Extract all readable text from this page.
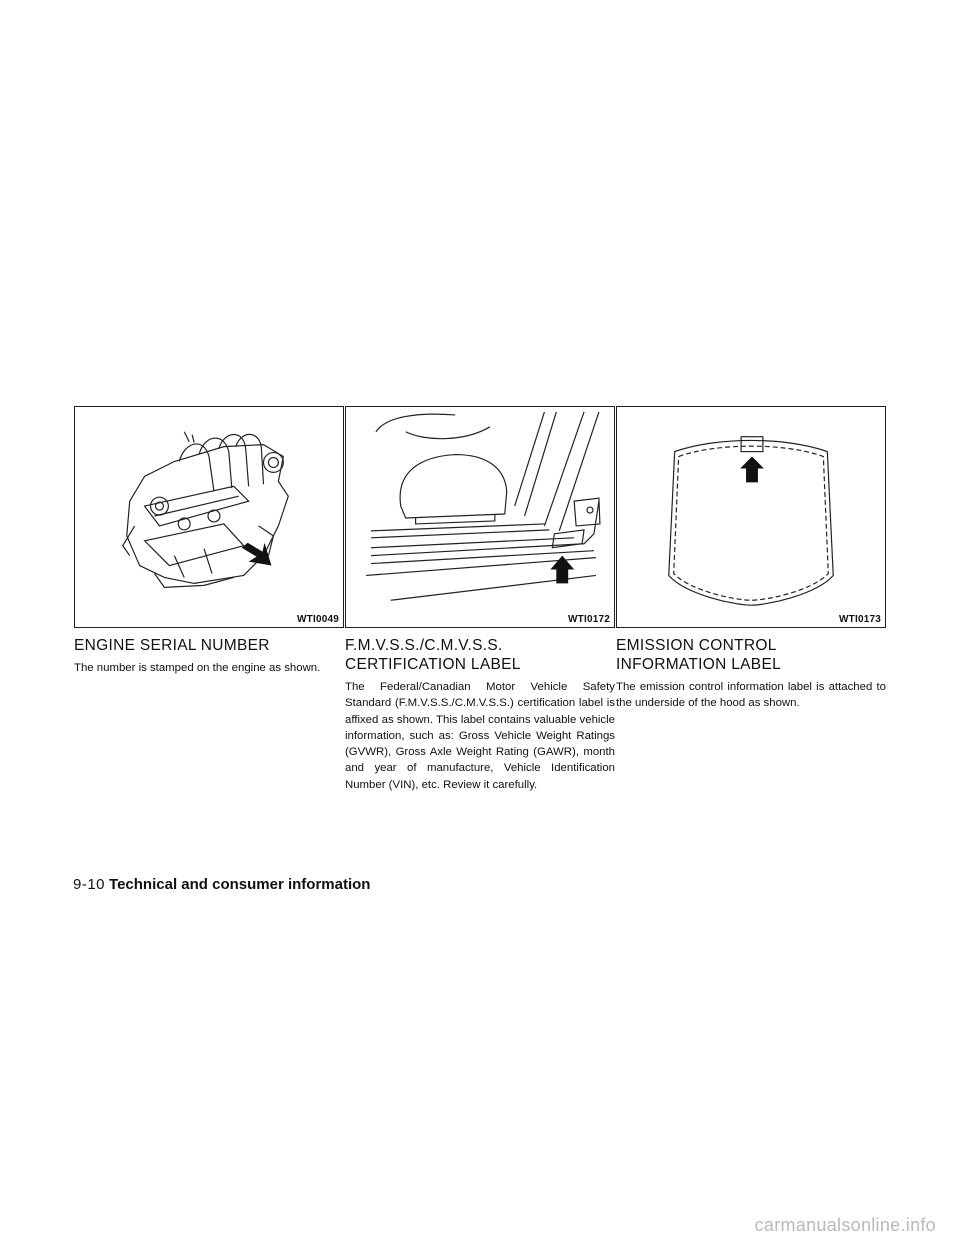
WTI0049	WTI0172	WTI0173
ENGINE SERIAL NUMBER

The number is stamped on the engine as shown.

F.M.V.S.S./C.M.V.S.S.
CERTIFICATION LABEL

The Federal/Canadian Motor Vehicle Safety Standard (F.M.V.S.S./C.M.V.S.S.) certification label is affixed as shown. This label contains valuable vehicle information, such as: Gross Vehicle Weight Ratings (GVWR), Gross Axle Weight Rating (GAWR), month and year of manufacture, Vehicle Identification Number (VIN), etc. Review it carefully.

EMISSION CONTROL
INFORMATION LABEL

The emission control information label is attached to the underside of the hood as shown.

9-10 Technical and consumer information
carmanualsonline.info
